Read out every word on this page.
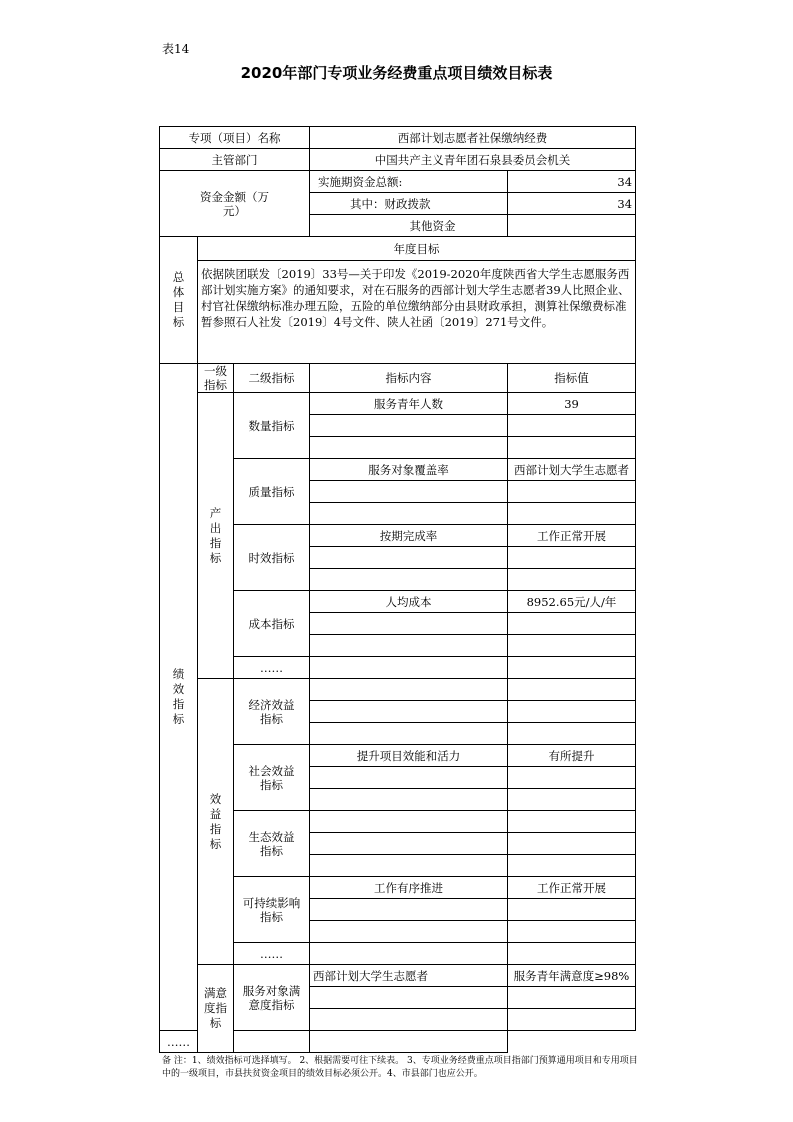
表14
2020年部门专项业务经费重点项目绩效目标表
专项（项目）名称			西部计划志愿者社保缴纳经费	
主管部门			中国共产主义青年团石泉县委员会机关	
资金金额（万元）			实施期资金总额:	34
			其中：财政拨款	34
			其他资金	
总体目标	年度目标			
	依据陕团联发〔2019〕33号—关于印发《2019-2020年度陕西省大学生志愿服务西部计划实施方案》的通知要求，对在石服务的西部计划大学生志愿者39人比照企业、村官社保缴纳标准办理五险，五险的单位缴纳部分由县财政承担，测算社保缴费标准暂参照石人社发〔2019〕4号文件、陕人社函〔2019〕271号文件。			
绩效指标	一级指标	二级指标	指标内容	指标值
	产出指标	数量指标	服务青年人数	39

		质量指标	服务对象覆盖率	西部计划大学生志愿者

		时效指标	按期完成率	工作正常开展

		成本指标	人均成本	8952.65元/人/年

		……		
	效益指标	经济效益指标		

		社会效益指标	提升项目效能和活力	有所提升

		生态效益指标		

		可持续影响指标	工作有序推进	工作正常开展

		……		
	满意度指标	服务对象满意度指标	西部计划大学生志愿者	服务青年满意度≥98%

……				
备 注：1、绩效指标可选择填写。 2、根据需要可往下续表。 3、专项业务经费重点项目指部门预算通用项目和专用项目中的一级项目，市县扶贫资金项目的绩效目标必须公开。4、市县部门也应公开。
